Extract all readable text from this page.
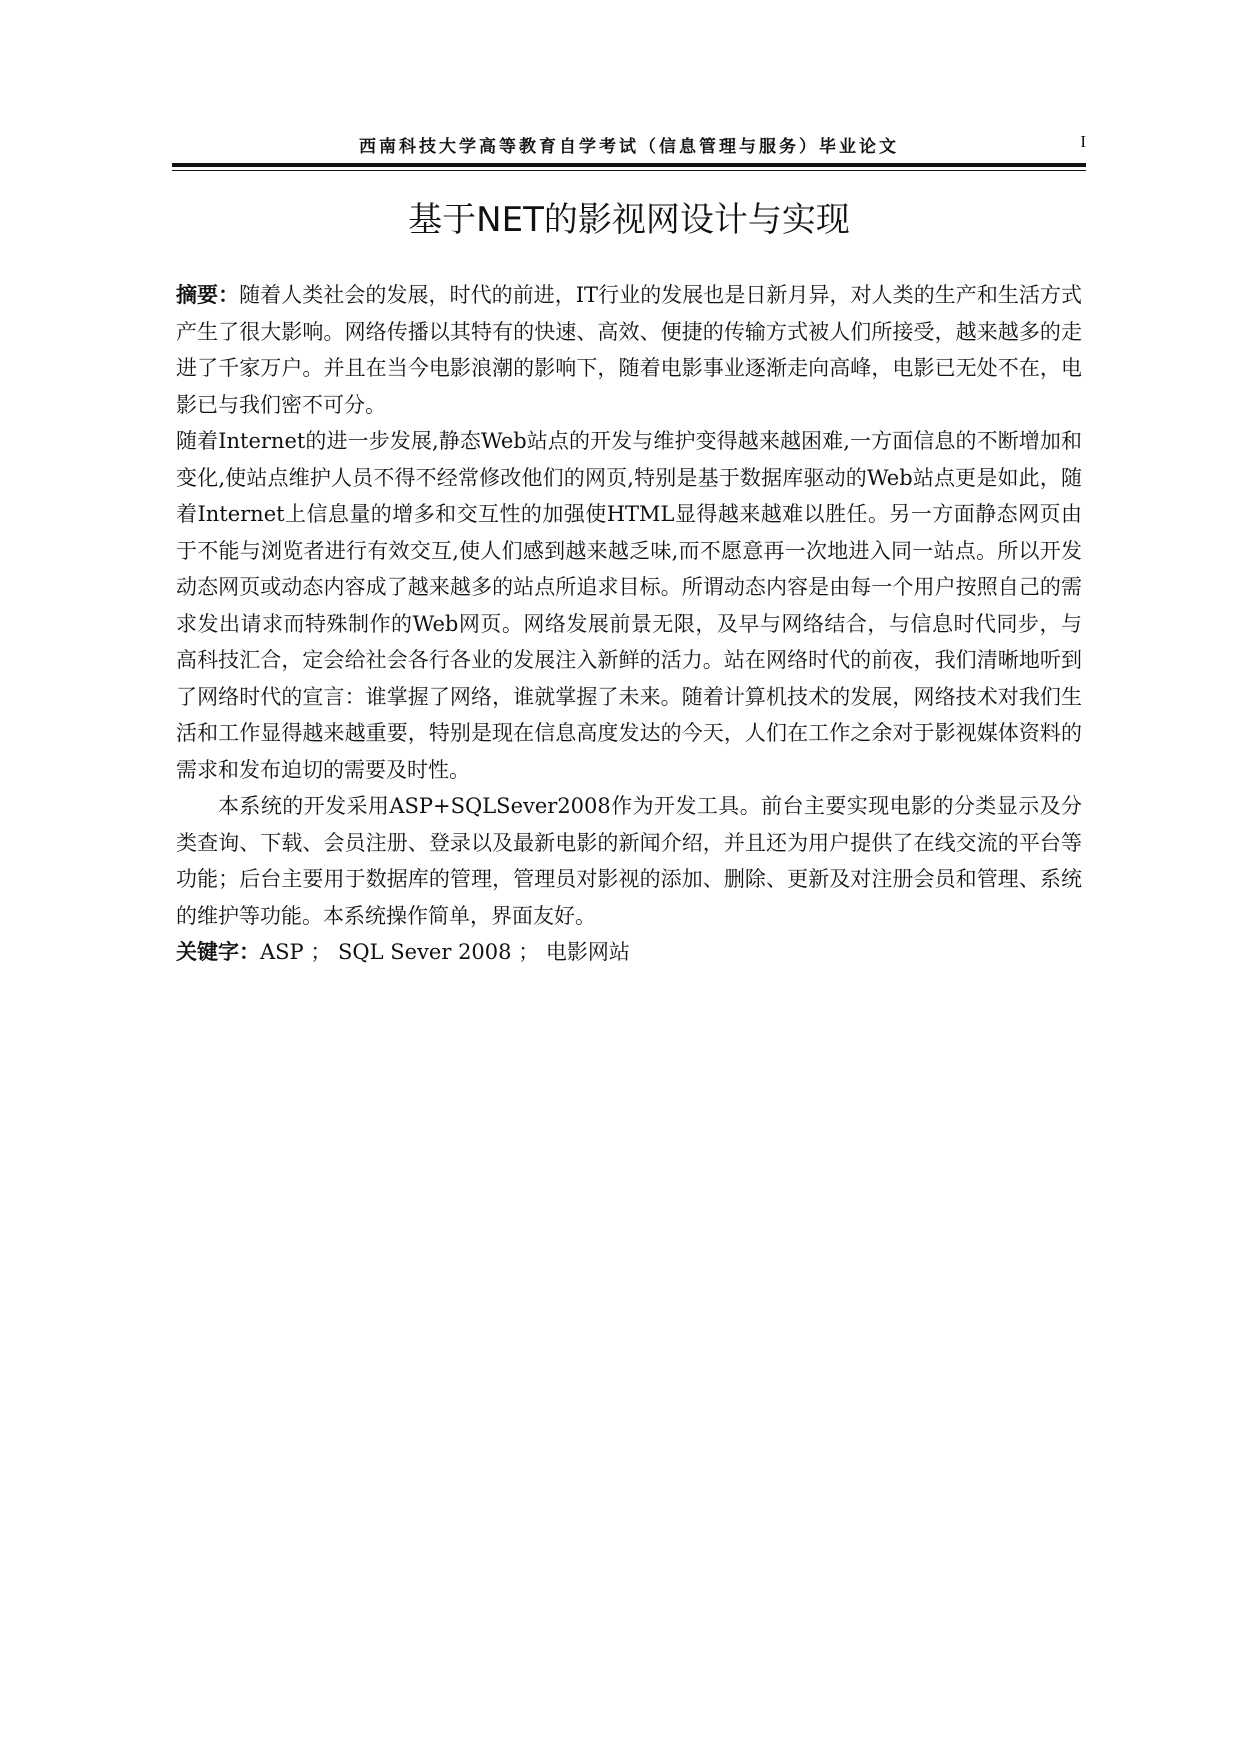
西南科技大学高等教育自学考试（信息管理与服务）毕业论文	I
基于NET的影视网设计与实现

摘要：随着人类社会的发展，时代的前进，IT行业的发展也是日新月异，对人类的生产和生活方式产生了很大影响。网络传播以其特有的快速、高效、便捷的传输方式被人们所接受，越来越多的走进了千家万户。并且在当今电影浪潮的影响下，随着电影事业逐渐走向高峰，电影已无处不在，电影已与我们密不可分。

随着Internet的进一步发展,静态Web站点的开发与维护变得越来越困难,一方面信息的不断增加和变化,使站点维护人员不得不经常修改他们的网页,特别是基于数据库驱动的Web站点更是如此，随着Internet上信息量的增多和交互性的加强使HTML显得越来越难以胜任。另一方面静态网页由于不能与浏览者进行有效交互,使人们感到越来越乏味,而不愿意再一次地进入同一站点。所以开发动态网页或动态内容成了越来越多的站点所追求目标。所谓动态内容是由每一个用户按照自己的需求发出请求而特殊制作的Web网页。网络发展前景无限，及早与网络结合，与信息时代同步，与高科技汇合，定会给社会各行各业的发展注入新鲜的活力。站在网络时代的前夜，我们清晰地听到了网络时代的宣言：谁掌握了网络，谁就掌握了未来。随着计算机技术的发展，网络技术对我们生活和工作显得越来越重要，特别是现在信息高度发达的今天，人们在工作之余对于影视媒体资料的需求和发布迫切的需要及时性。

本系统的开发采用ASP+SQLSever2008作为开发工具。前台主要实现电影的分类显示及分类查询、下载、会员注册、登录以及最新电影的新闻介绍，并且还为用户提供了在线交流的平台等功能；后台主要用于数据库的管理，管理员对影视的添加、删除、更新及对注册会员和管理、系统的维护等功能。本系统操作简单，界面友好。

关键字：ASP ； SQL Sever 2008 ； 电影网站
